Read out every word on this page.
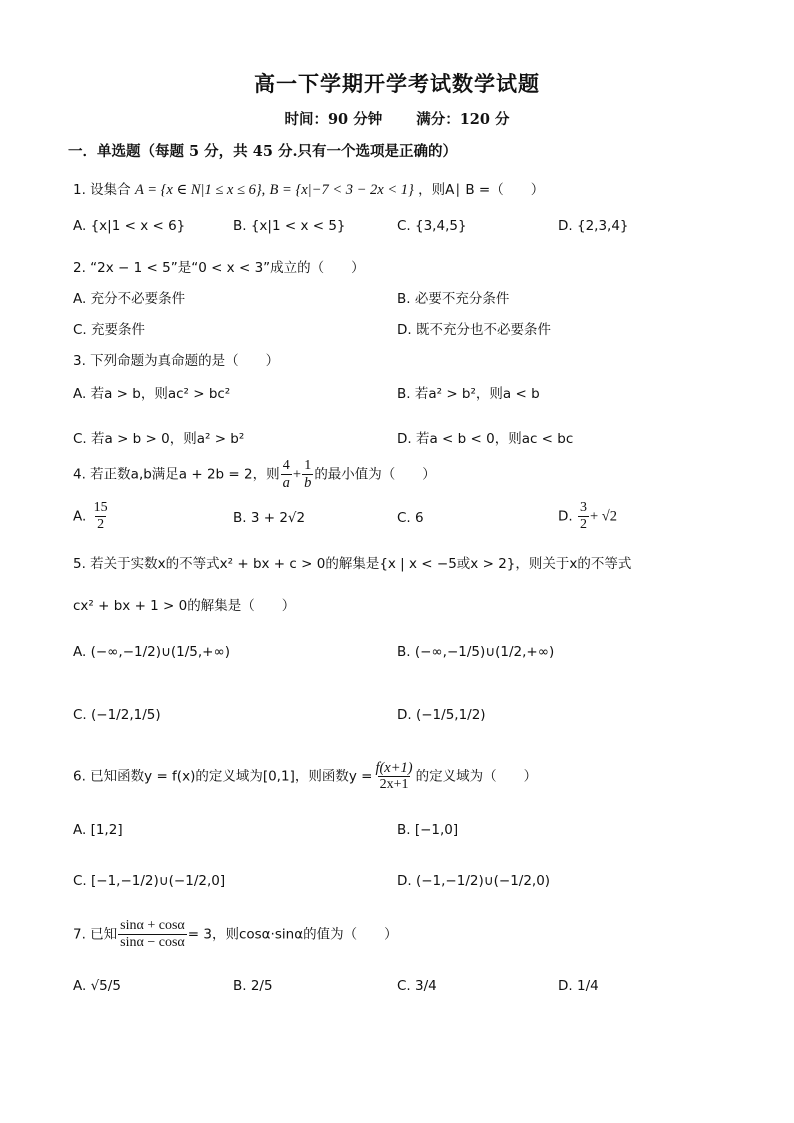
高一下学期开学考试数学试题
时间：90 分钟 满分：120 分
一．单选题（每题 5 分，共 45 分.只有一个选项是正确的）
1. 设集合 A = {x ∈ N|1 ≤ x ≤ 6}, B = {x|−7 < 3 − 2x < 1} ，则A∣ B =（　　）
A. {x|1 < x < 6}	B. {x|1 < x < 5}	C. {3,4,5}	D. {2,3,4}
2. “2x − 1 < 5”是“0 < x < 3”成立的（　　）
A. 充分不必要条件	B. 必要不充分条件
C. 充要条件	D. 既不充分也不必要条件
3. 下列命题为真命题的是（　　）
A. 若a > b，则ac² > bc²	B. 若a² > b²，则a < b
C. 若a > b > 0，则a² > b²	D. 若a < b < 0，则ac < bc
4. 若正数a,b满足a + 2b = 2，则 $\frac{4}{a} + \frac{1}{b}$ 的最小值为（　　）
A. $\frac{15}{2}$	B. 3 + 2√2	C. 6	D. $\frac{3}{2} + √2$
5. 若关于实数x的不等式x² + bx + c > 0的解集是{x | x < −5或x > 2}，则关于x的不等式
cx² + bx + 1 > 0的解集是（　　）
A. (−∞,−1/2)∪(1/5,+∞)	B. (−∞,−1/5)∪(1/2,+∞)
C. (−1/2,1/5)	D. (−1/5,1/2)
6. 已知函数y = f(x)的定义域为[0,1]，则函数$y = \frac{f(x+1)}{2x+1}$ 的定义域为（　　）
A. [1,2]	B. [−1,0]
C. [−1,−1/2)∪(−1/2,0]	D. (−1,−1/2)∪(−1/2,0)
7. 已知 $\frac{\sin\alpha + \cos\alpha}{\sin\alpha - \cos\alpha} = 3$，则cosα·sinα的值为（　　）
A. √5/5	B. 2/5	C. 3/4	D. 1/4
